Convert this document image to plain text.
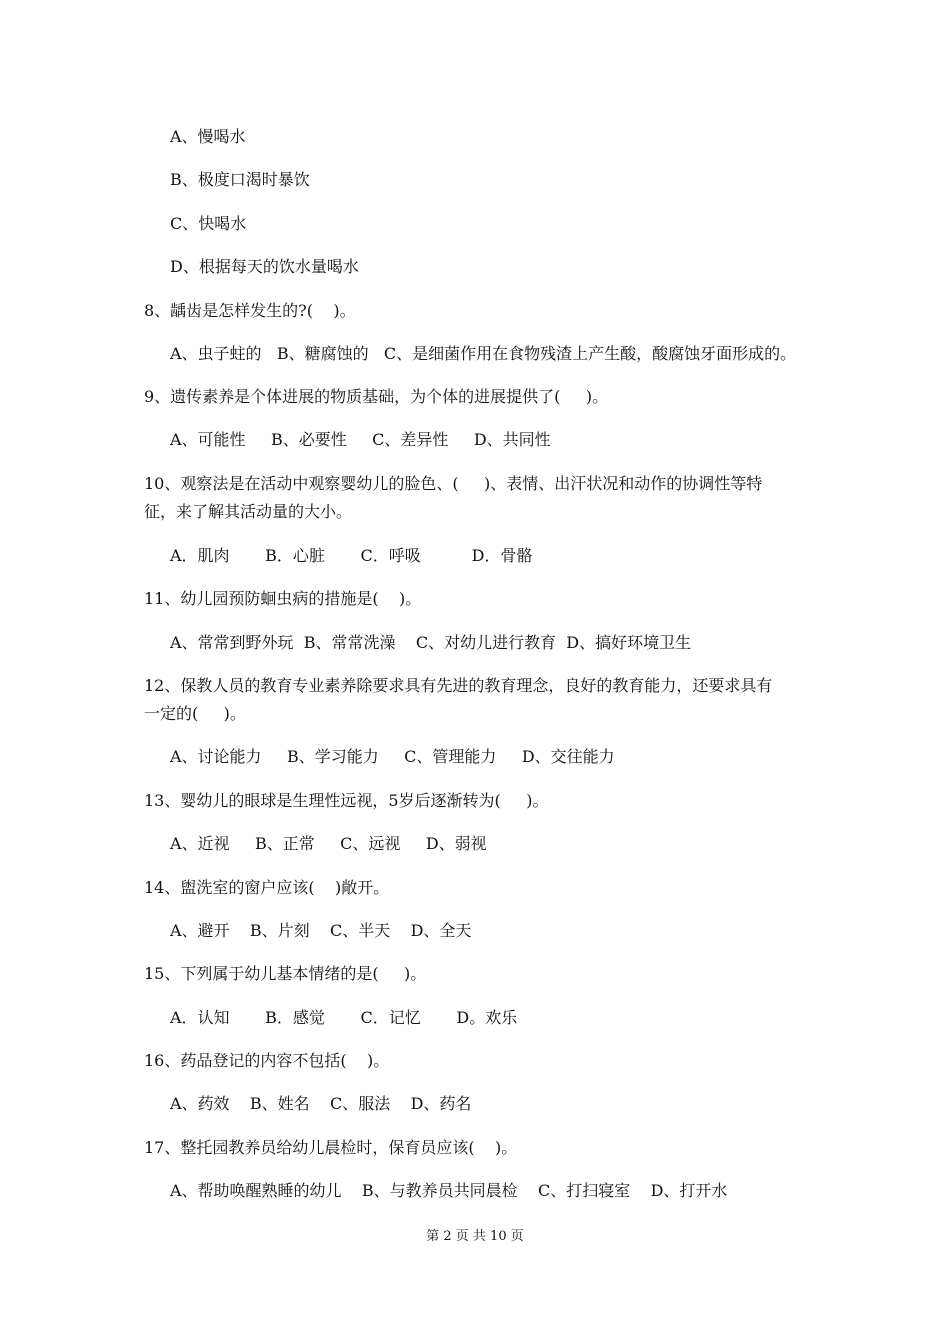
A、慢喝水
B、极度口渴时暴饮
C、快喝水
D、根据每天的饮水量喝水
8、龋齿是怎样发生的?(    )。
A、虫子蛀的   B、糖腐蚀的   C、是细菌作用在食物残渣上产生酸，酸腐蚀牙面形成的。
9、遗传素养是个体进展的物质基础，为个体的进展提供了(     )。
A、可能性     B、必要性     C、差异性     D、共同性
10、观察法是在活动中观察婴幼儿的脸色、(     )、表情、出汗状况和动作的协调性等特
征，来了解其活动量的大小。
A．肌肉       B．心脏       C．呼吸          D．骨骼
11、幼儿园预防蛔虫病的措施是(    )。
A、常常到野外玩  B、常常洗澡    C、对幼儿进行教育  D、搞好环境卫生
12、保教人员的教育专业素养除要求具有先进的教育理念，良好的教育能力，还要求具有
一定的(     )。
A、讨论能力     B、学习能力     C、管理能力     D、交往能力
13、婴幼儿的眼球是生理性远视，5岁后逐渐转为(     )。
A、近视     B、正常     C、远视     D、弱视
14、盥洗室的窗户应该(    )敞开。
A、避开    B、片刻    C、半天    D、全天
15、下列属于幼儿基本情绪的是(     )。
A．认知       B．感觉       C．记忆       D。欢乐
16、药品登记的内容不包括(    )。
A、药效    B、姓名    C、服法    D、药名
17、整托园教养员给幼儿晨检时，保育员应该(    )。
A、帮助唤醒熟睡的幼儿    B、与教养员共同晨检    C、打扫寝室    D、打开水
第 2 页 共 10 页
